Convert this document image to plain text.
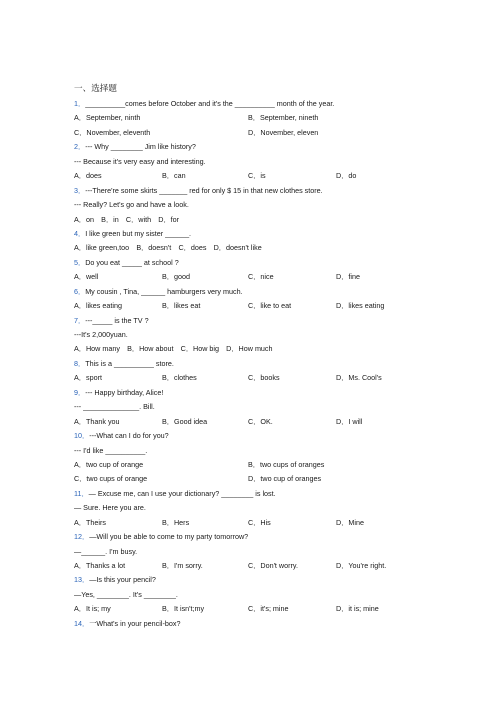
一、选择题
1．__________comes before October and it's the __________ month of the year.
A．September, ninth	B．September, nineth
C．November, eleventh	D．November, eleven
2．--- Why ________ Jim like history?
--- Because it's very easy and interesting.
A．does	B．can	C．is	D．do
3．---There're some skirts _______ red for only $ 15 in that new clothes store.
--- Really? Let's go and have a look.
A．on　B．in　C．with　D．for
4．I like green but my sister ______.
A．like green,too　B．doesn't　C．does　D．doesn't like
5．Do you eat _____ at school ?
A．well	B．good	C．nice	D．fine
6．My cousin , Tina, ______ hamburgers very much.
A．likes eating	B．likes eat	C．like to eat	D．likes eating
7．---_____ is the TV ?
---It's 2,000yuan.
A．How many　B．How about　C．How big　D．How much
8．This is a __________ store.
A．sport	B．clothes	C．books	D．Ms. Cool's
9．--- Happy birthday, Alice!
--- ______________. Bill.
A．Thank you	B．Good idea	C．OK.	D．I will
10．---What can I do for you?
--- I'd like __________.
A．two cup of orange	B．two cups of oranges
C．two cups of orange	D．two cup of oranges
11．— Excuse me, can I use your dictionary? ________ is lost.
— Sure. Here you are.
A．Theirs	B．Hers	C．His	D．Mine
12．—Will you be able to come to my party tomorrow?
—______. I'm busy.
A．Thanks a lot	B．I'm sorry.	C．Don't worry.	D．You're right.
13．—Is this your pencil?
—Yes, ________. It's ________.
A．It is; my	B．It isn't;my	C．it's; mine	D．it is; mine
14．一What's in your pencil-box?
